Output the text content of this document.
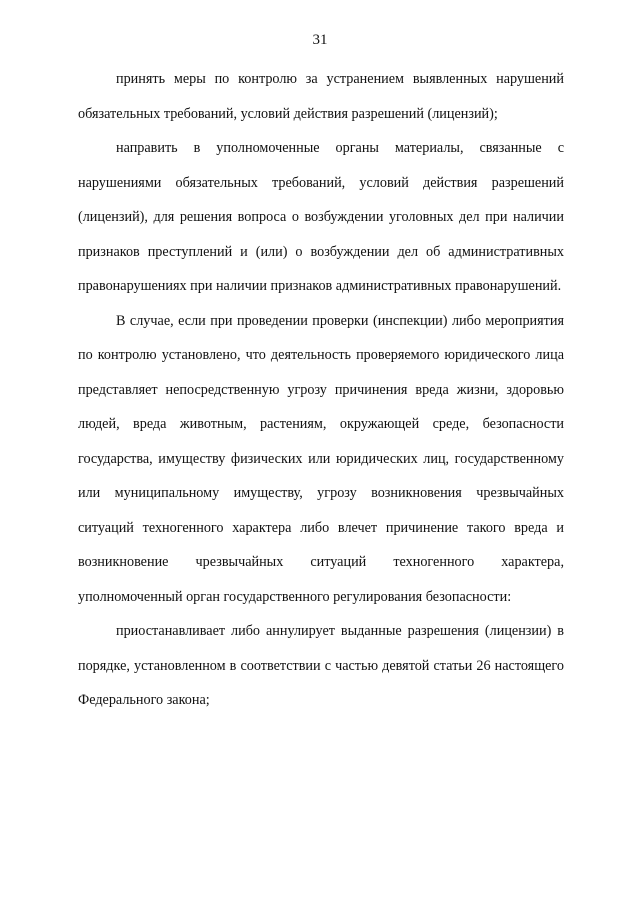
31

принять меры по контролю за устранением выявленных нарушений обязательных требований, условий действия разрешений (лицензий);

направить в уполномоченные органы материалы, связанные с нарушениями обязательных требований, условий действия разрешений (лицензий), для решения вопроса о возбуждении уголовных дел при наличии признаков преступлений и (или) о возбуждении дел об административных правонарушениях при наличии признаков административных правонарушений.

В случае, если при проведении проверки (инспекции) либо мероприятия по контролю установлено, что деятельность проверяемого юридического лица представляет непосредственную угрозу причинения вреда жизни, здоровью людей, вреда животным, растениям, окружающей среде, безопасности государства, имуществу физических или юридических лиц, государственному или муниципальному имуществу, угрозу возникновения чрезвычайных ситуаций техногенного характера либо влечет причинение такого вреда и возникновение чрезвычайных ситуаций техногенного характера, уполномоченный орган государственного регулирования безопасности:

приостанавливает либо аннулирует выданные разрешения (лицензии) в порядке, установленном в соответствии с частью девятой статьи 26 настоящего Федерального закона;
